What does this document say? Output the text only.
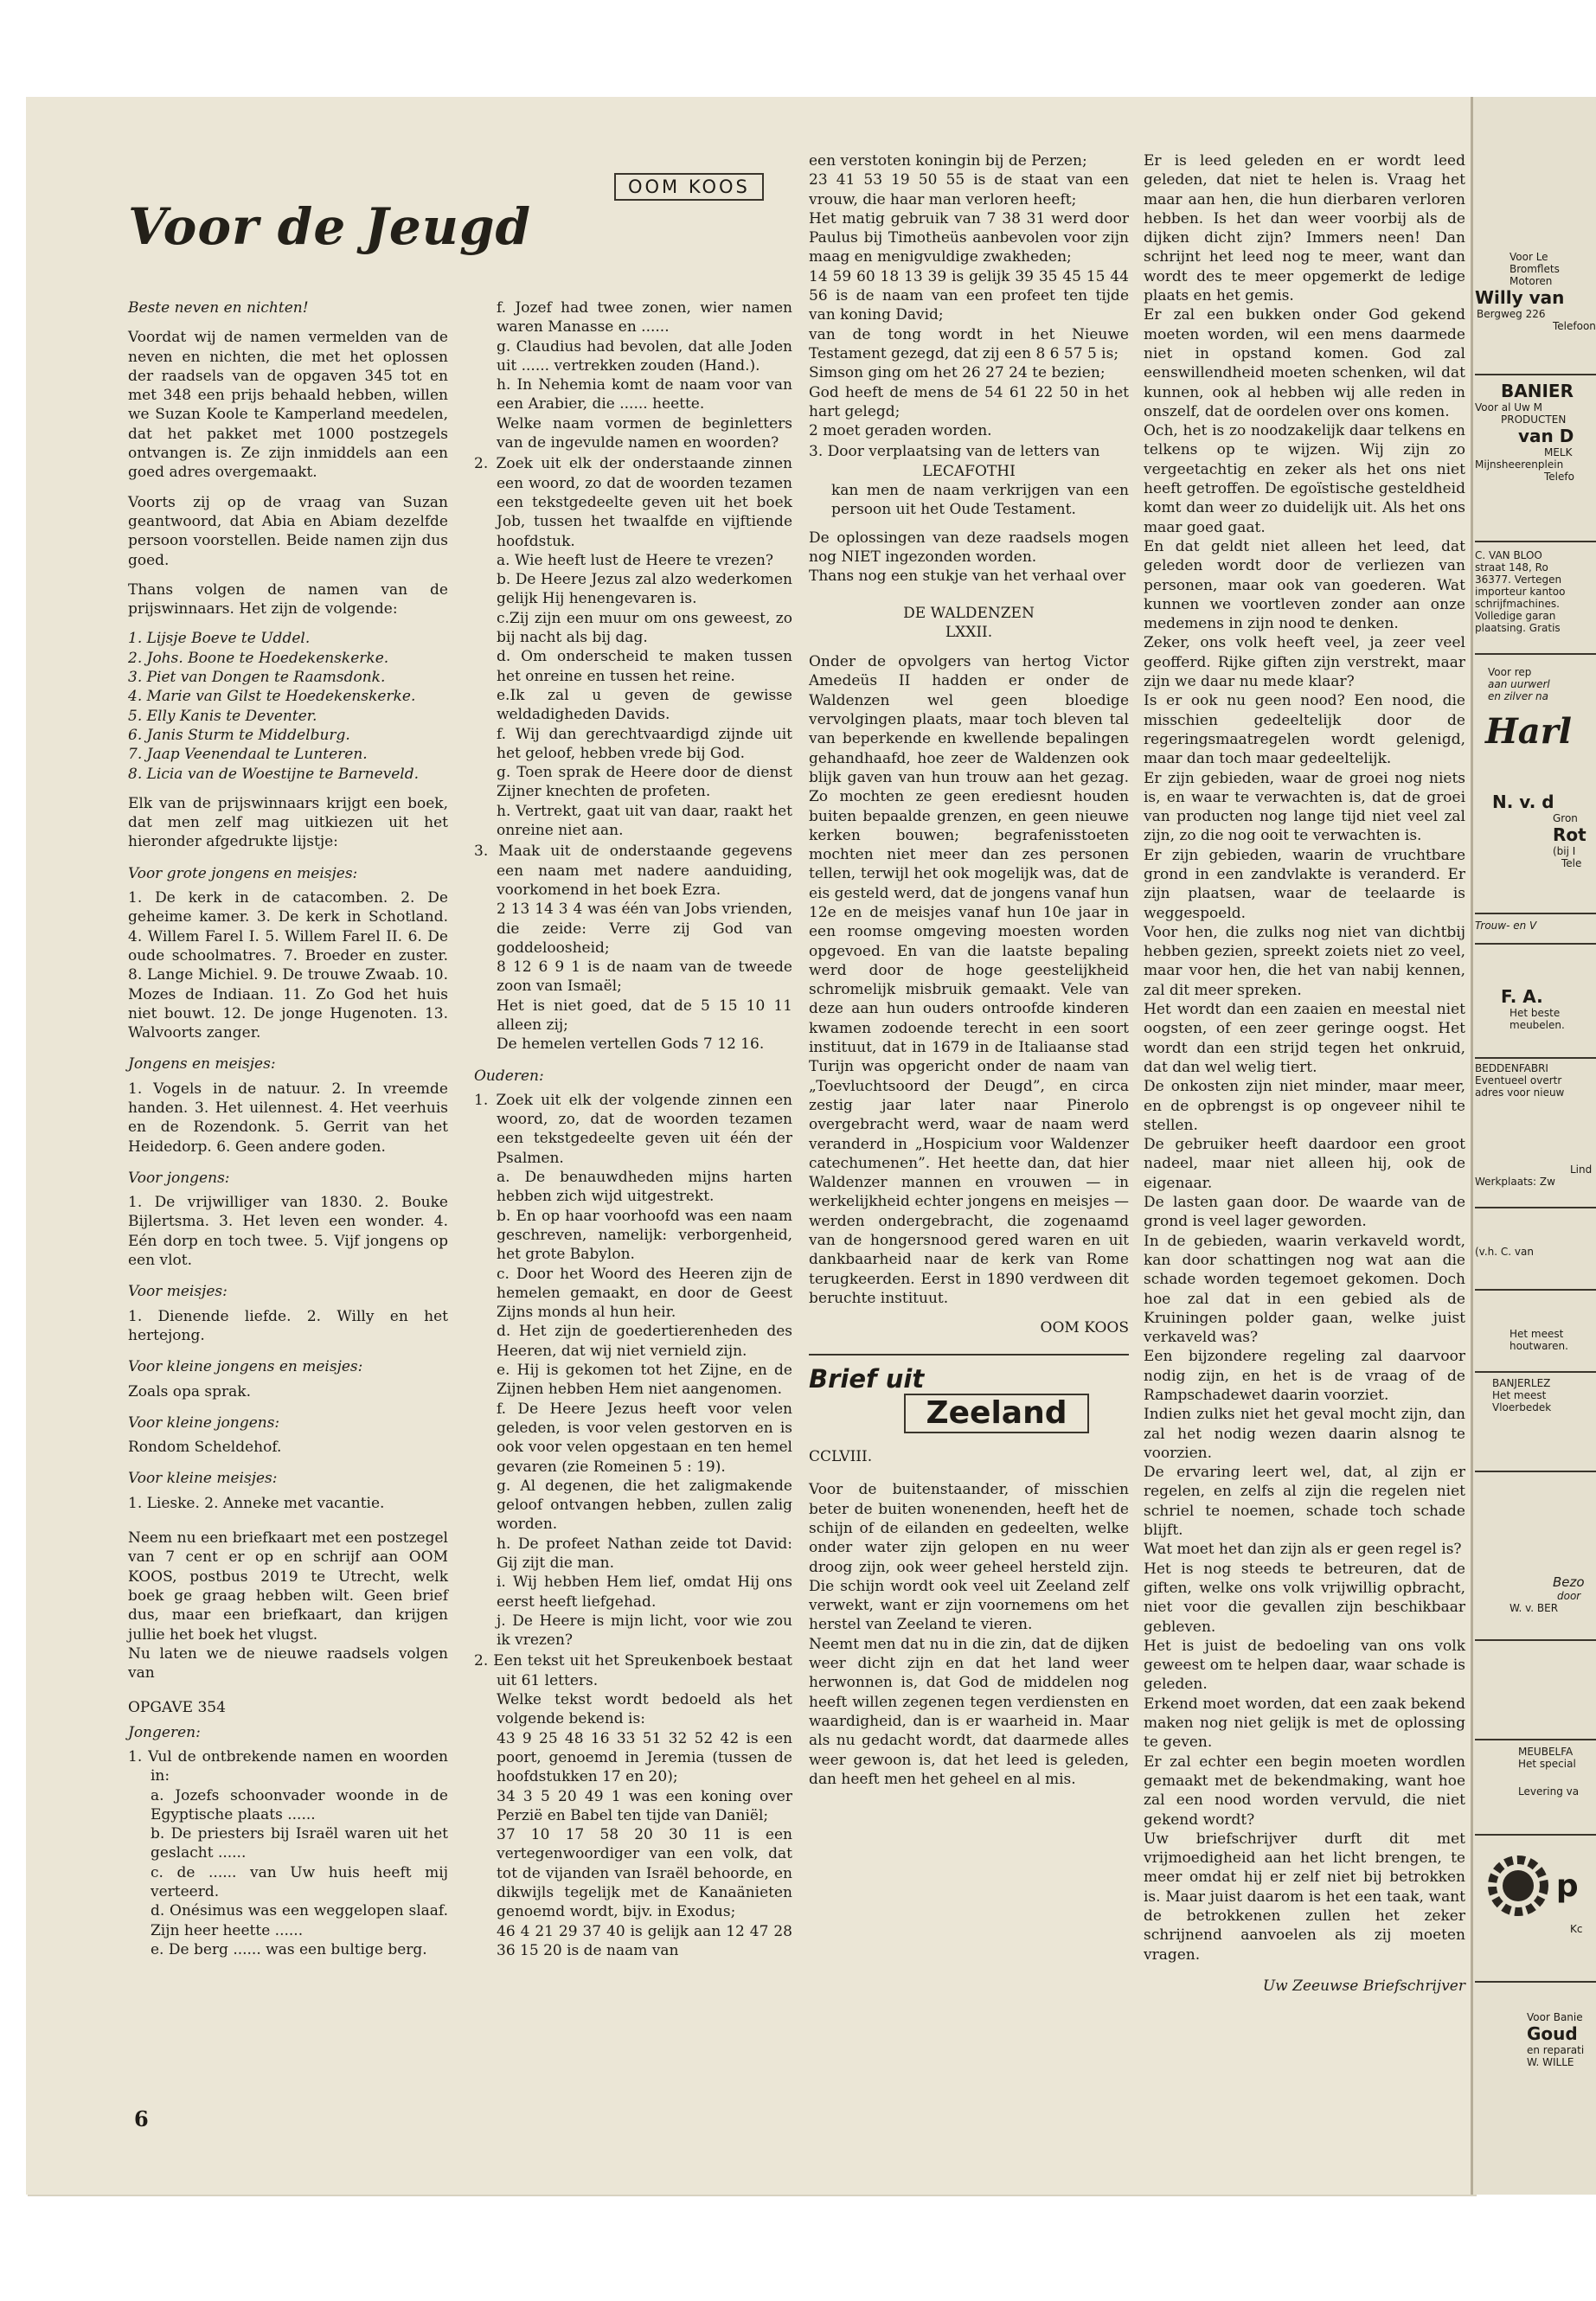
Voor de Jeugd
OOM KOOS

Beste neven en nichten!

Voordat wij de namen vermelden van de neven en nichten, die met het oplossen der raadsels van de opgaven 345 tot en met 348 een prijs behaald hebben, willen we Suzan Koole te Kamperland meedelen, dat het pakket met 1000 postzegels ontvangen is. Ze zijn inmiddels aan een goed adres overgemaakt.

Voorts zij op de vraag van Suzan geantwoord, dat Abia en Abiam dezelfde persoon voorstellen. Beide namen zijn dus goed.

Thans volgen de namen van de prijswinnaars. Het zijn de volgende:

1. Lijsje Boeve te Uddel.
2. Johs. Boone te Hoedekenskerke.
3. Piet van Dongen te Raamsdonk.
4. Marie van Gilst te Hoedekenskerke.
5. Elly Kanis te Deventer.
6. Janis Sturm te Middelburg.
7. Jaap Veenendaal te Lunteren.
8. Licia van de Woestijne te Barneveld.

Elk van de prijswinnaars krijgt een boek, dat men zelf mag uitkiezen uit het hieronder afgedrukte lijstje:

Voor grote jongens en meisjes:

1. De kerk in de catacomben. 2. De geheime kamer. 3. De kerk in Schotland. 4. Willem Farel I. 5. Willem Farel II. 6. De oude schoolmatres. 7. Broeder en zuster. 8. Lange Michiel. 9. De trouwe Zwaab. 10. Mozes de Indiaan. 11. Zo God het huis niet bouwt. 12. De jonge Hugenoten. 13. Walvoorts zanger.

Jongens en meisjes:

1. Vogels in de natuur. 2. In vreemde handen. 3. Het uilennest. 4. Het veerhuis en de Rozendonk. 5. Gerrit van het Heidedorp. 6. Geen andere goden.

Voor jongens:

1. De vrijwilliger van 1830. 2. Bouke Bijlertsma. 3. Het leven een wonder. 4. Eén dorp en toch twee. 5. Vijf jongens op een vlot.

Voor meisjes:

1. Dienende liefde. 2. Willy en het hertejong.

Voor kleine jongens en meisjes:

Zoals opa sprak.

Voor kleine jongens:

Rondom Scheldehof.

Voor kleine meisjes:

1. Lieske. 2. Anneke met vacantie.

Neem nu een briefkaart met een postzegel van 7 cent er op en schrijf aan OOM KOOS, postbus 2019 te Utrecht, welk boek ge graag hebben wilt. Geen brief dus, maar een briefkaart, dan krijgen jullie het boek het vlugst.

Nu laten we de nieuwe raadsels volgen van

OPGAVE 354

Jongeren:
1. Vul de ontbrekende namen en woorden in:
a. Jozefs schoonvader woonde in de Egyptische plaats ......
b. De priesters bij Israël waren uit het geslacht ......
c. de ...... van Uw huis heeft mij verteerd.
d. Onésimus was een weggelopen slaaf. Zijn heer heette ......
e. De berg ...... was een bultige berg.
f. Jozef had twee zonen, wier namen waren Manasse en ......
g. Claudius had bevolen, dat alle Joden uit ...... vertrekken zouden (Hand.).
h. In Nehemia komt de naam voor van een Arabier, die ...... heette.
Welke naam vormen de beginletters van de ingevulde namen en woorden?
2. Zoek uit elk der onderstaande zinnen een woord, zo dat de woorden tezamen een tekstgedeelte geven uit het boek Job, tussen het twaalfde en vijftiende hoofdstuk.
a. Wie heeft lust de Heere te vrezen?
b. De Heere Jezus zal alzo wederkomen gelijk Hij henengevaren is.
c.Zij zijn een muur om ons geweest, zo bij nacht als bij dag.
d. Om onderscheid te maken tussen het onreine en tussen het reine.
e.Ik zal u geven de gewisse weldadigheden Davids.
f. Wij dan gerechtvaardigd zijnde uit het geloof, hebben vrede bij God.
g. Toen sprak de Heere door de dienst Zijner knechten de profeten.
h. Vertrekt, gaat uit van daar, raakt het onreine niet aan.
3. Maak uit de onderstaande gegevens een naam met nadere aanduiding, voorkomend in het boek Ezra.
2 13 14 3 4 was één van Jobs vrienden, die zeide: Verre zij God van goddeloosheid;
8 12 6 9 1 is de naam van de tweede zoon van Ismaël;
Het is niet goed, dat de 5 15 10 11 alleen zij;
De hemelen vertellen Gods 7 12 16.
Ouderen:
1. Zoek uit elk der volgende zinnen een woord, zo, dat de woorden tezamen een tekstgedeelte geven uit één der Psalmen.
a. De benauwdheden mijns harten hebben zich wijd uitgestrekt.
b. En op haar voorhoofd was een naam geschreven, namelijk: verborgenheid, het grote Babylon.
c. Door het Woord des Heeren zijn de hemelen gemaakt, en door de Geest Zijns monds al hun heir.
d. Het zijn de goedertierenheden des Heeren, dat wij niet vernield zijn.
e. Hij is gekomen tot het Zijne, en de Zijnen hebben Hem niet aangenomen.
f. De Heere Jezus heeft voor velen geleden, is voor velen gestorven en is ook voor velen opgestaan en ten hemel gevaren (zie Romeinen 5 : 19).
g. Al degenen, die het zaligmakende geloof ontvangen hebben, zullen zalig worden.
h. De profeet Nathan zeide tot David: Gij zijt die man.
i. Wij hebben Hem lief, omdat Hij ons eerst heeft liefgehad.
j. De Heere is mijn licht, voor wie zou ik vrezen?
2. Een tekst uit het Spreukenboek bestaat uit 61 letters.
Welke tekst wordt bedoeld als het volgende bekend is:
43 9 25 48 16 33 51 32 52 42 is een poort, genoemd in Jeremia (tussen de hoofdstukken 17 en 20);
34 3 5 20 49 1 was een koning over Perzië en Babel ten tijde van Daniël;
37 10 17 58 20 30 11 is een vertegenwoordiger van een volk, dat tot de vijanden van Israël behoorde, en dikwijls tegelijk met de Kanaänieten genoemd wordt, bijv. in Exodus;
46 4 21 29 37 40 is gelijk aan 12 47 28 36 15 20 is de naam van
een verstoten koningin bij de Perzen;
23 41 53 19 50 55 is de staat van een vrouw, die haar man verloren heeft;
Het matig gebruik van 7 38 31 werd door Paulus bij Timotheüs aanbevolen voor zijn maag en menigvuldige zwakheden;
14 59 60 18 13 39 is gelijk 39 35 45 15 44 56 is de naam van een profeet ten tijde van koning David;
van de tong wordt in het Nieuwe Testament gezegd, dat zij een 8 6 57 5 is;
Simson ging om het 26 27 24 te bezien;
God heeft de mens de 54 61 22 50 in het hart gelegd;
2 moet geraden worden.
3. Door verplaatsing van de letters van
LECAFOTHI
kan men de naam verkrijgen van een persoon uit het Oude Testament.
De oplossingen van deze raadsels mogen nog NIET ingezonden worden.
Thans nog een stukje van het verhaal over
DE WALDENZEN
LXXII.

Onder de opvolgers van hertog Victor Amedeüs II hadden er onder de Waldenzen wel geen bloedige vervolgingen plaats, maar toch bleven tal van beperkende en kwellende bepalingen gehandhaafd, hoe zeer de Waldenzen ook blijk gaven van hun trouw aan het gezag. Zo mochten ze geen erediesnt houden buiten bepaalde grenzen, en geen nieuwe kerken bouwen; begrafenisstoeten mochten niet meer dan zes personen tellen, terwijl het ook mogelijk was, dat de eis gesteld werd, dat de jongens vanaf hun 12e en de meisjes vanaf hun 10e jaar in een roomse omgeving moesten worden opgevoed. En van die laatste bepaling werd door de hoge geestelijkheid schromelijk misbruik gemaakt. Vele van deze aan hun ouders ontroofde kinderen kwamen zodoende terecht in een soort instituut, dat in 1679 in de Italiaanse stad Turijn was opgericht onder de naam van „Toevluchtsoord der Deugd”, en circa zestig jaar later naar Pinerolo overgebracht werd, waar de naam werd veranderd in „Hospicium voor Waldenzer catechumenen”. Het heette dan, dat hier Waldenzer mannen en vrouwen — in werkelijkheid echter jongens en meisjes — werden ondergebracht, die zogenaamd van de hongersnood gered waren en uit dankbaarheid naar de kerk van Rome terugkeerden. Eerst in 1890 verdween dit beruchte instituut.

OOM KOOS
Brief uit
Zeeland

CCLVIII.

Voor de buitenstaander, of misschien beter de buiten wonenenden, heeft het de schijn of de eilanden en gedeelten, welke onder water zijn gelopen en nu weer droog zijn, ook weer geheel hersteld zijn. Die schijn wordt ook veel uit Zeeland zelf verwekt, want er zijn voornemens om het herstel van Zeeland te vieren.

Neemt men dat nu in die zin, dat de dijken weer dicht zijn en dat het land weer herwonnen is, dat God de middelen nog heeft willen zegenen tegen verdiensten en waardigheid, dan is er waarheid in. Maar als nu gedacht wordt, dat daarmede alles weer gewoon is, dat het leed is geleden, dan heeft men het geheel en al mis.

Er is leed geleden en er wordt leed geleden, dat niet te helen is. Vraag het maar aan hen, die hun dierbaren verloren hebben. Is het dan weer voorbij als de dijken dicht zijn? Immers neen! Dan schrijnt het leed nog te meer, want dan wordt des te meer opgemerkt de ledige plaats en het gemis.
Er zal een bukken onder God gekend moeten worden, wil een mens daarmede niet in opstand komen. God zal eenswillendheid moeten schenken, wil dat kunnen, ook al hebben wij alle reden in onszelf, dat de oordelen over ons komen.
Och, het is zo noodzakelijk daar telkens en telkens op te wijzen. Wij zijn zo vergeetachtig en zeker als het ons niet heeft getroffen. De egoïstische gesteldheid komt dan weer zo duidelijk uit. Als het ons maar goed gaat.
En dat geldt niet alleen het leed, dat geleden wordt door de verliezen van personen, maar ook van goederen. Wat kunnen we voortleven zonder aan onze medemens in zijn nood te denken.
Zeker, ons volk heeft veel, ja zeer veel geofferd. Rijke giften zijn verstrekt, maar zijn we daar nu mede klaar?
Is er ook nu geen nood? Een nood, die misschien gedeeltelijk door de regeringsmaatregelen wordt gelenigd, maar dan toch maar gedeeltelijk.
Er zijn gebieden, waar de groei nog niets is, en waar te verwachten is, dat de groei van producten nog lange tijd niet veel zal zijn, zo die nog ooit te verwachten is.
Er zijn gebieden, waarin de vruchtbare grond in een zandvlakte is veranderd. Er zijn plaatsen, waar de teelaarde is weggespoeld.
Voor hen, die zulks nog niet van dichtbij hebben gezien, spreekt zoiets niet zo veel, maar voor hen, die het van nabij kennen, zal dit meer spreken.
Het wordt dan een zaaien en meestal niet oogsten, of een zeer geringe oogst. Het wordt dan een strijd tegen het onkruid, dat dan wel welig tiert.
De onkosten zijn niet minder, maar meer, en de opbrengst is op ongeveer nihil te stellen.
De gebruiker heeft daardoor een groot nadeel, maar niet alleen hij, ook de eigenaar.
De lasten gaan door. De waarde van de grond is veel lager geworden.
In de gebieden, waarin verkaveld wordt, kan door schattingen nog wat aan die schade worden tegemoet gekomen. Doch hoe zal dat in een gebied als de Kruiningen polder gaan, welke juist verkaveld was?
Een bijzondere regeling zal daarvoor nodig zijn, en het is de vraag of de Rampschadewet daarin voorziet.
Indien zulks niet het geval mocht zijn, dan zal het nodig wezen daarin alsnog te voorzien.
De ervaring leert wel, dat, al zijn er regelen, en zelfs al zijn die regelen niet schriel te noemen, schade toch schade blijft.
Wat moet het dan zijn als er geen regel is?
Het is nog steeds te betreuren, dat de giften, welke ons volk vrijwillig opbracht, niet voor die gevallen zijn beschikbaar gebleven.
Het is juist de bedoeling van ons volk geweest om te helpen daar, waar schade is geleden.
Erkend moet worden, dat een zaak bekend maken nog niet gelijk is met de oplossing te geven.
Er zal echter een begin moeten wordlen gemaakt met de bekendmaking, want hoe zal een nood worden vervuld, die niet gekend wordt?
Uw briefschrijver durft dit met vrijmoedigheid aan het licht brengen, te meer omdat hij er zelf niet bij betrokken is. Maar juist daarom is het een taak, want de betrokkenen zullen het zeker schrijnend aanvoelen als zij moeten vragen.
Uw Zeeuwse Briefschrijver
6
Voor Le
Bromflets
Motoren
Willy van
Bergweg 226
Telefoon
BANIER
Voor al Uw M
PRODUCTEN
van D
MELK
Mijnsheerenplein
Telefo
C. VAN BLOO
straat 148, Ro
36377. Vertegen
importeur kantoo
schrijfmachines.
Volledige garan
plaatsing. Gratis
Voor rep
aan uurwerl
en zilver na
Harl
N. v. d
Gron
Rot
(bij I
Tele
Trouw- en V
F. A.
Het beste
meubelen.
BEDDENFABRI
Eventueel overtr
adres voor nieuw
Lind
Werkplaats: Zw
(v.h. C. van
Het meest
houtwaren.
BANJERLEZ
Het meest
Vloerbedek
Bezo
door
W. v. BER
MEUBELFA
Het special
Levering va
p
Kc
Voor Banie
Goud
en reparati
W. WILLE
